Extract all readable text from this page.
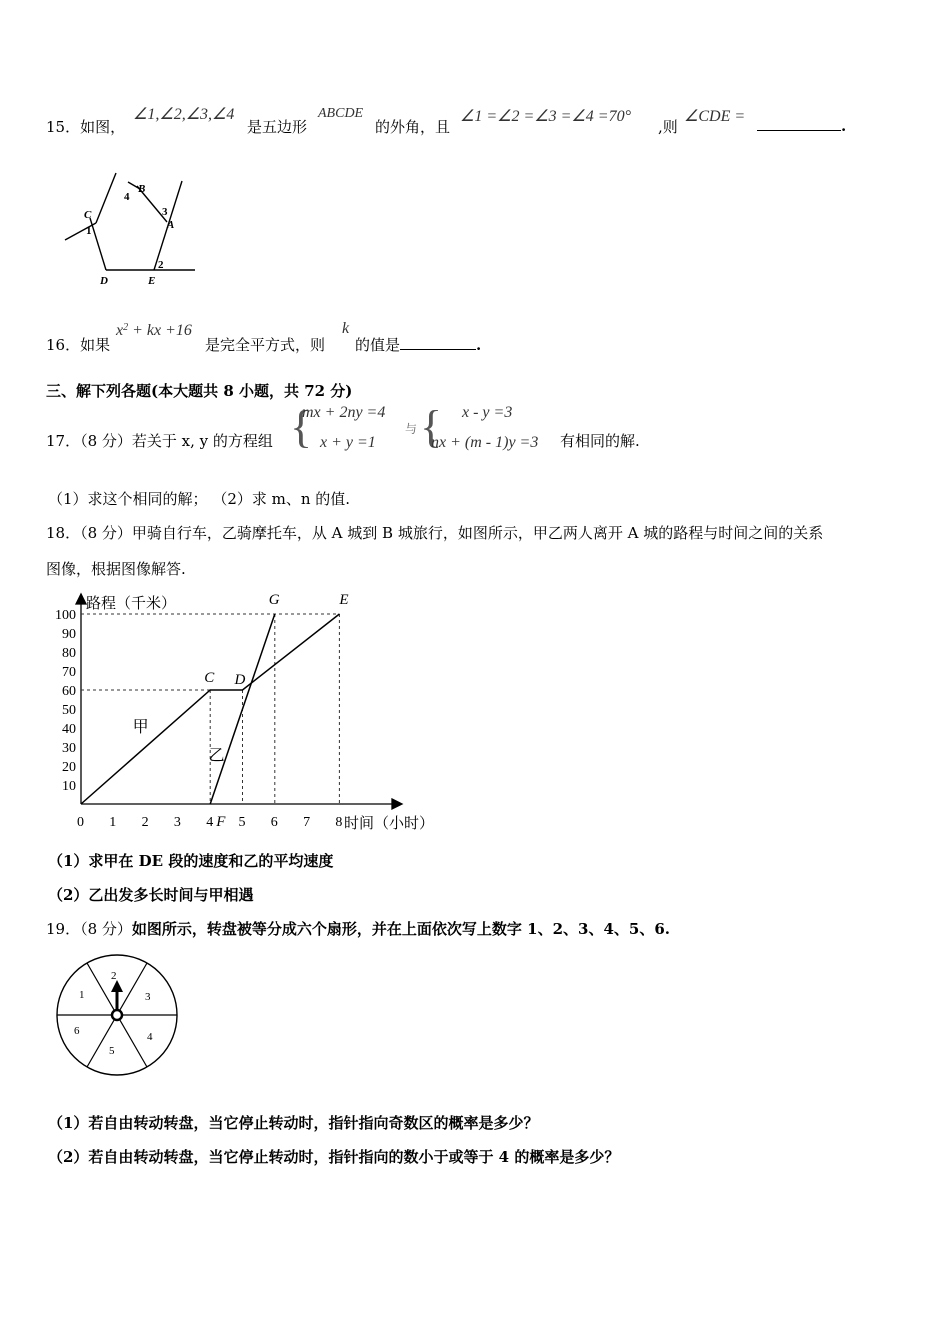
15．如图，
∠1,∠2,∠3,∠4
是五边形
ABCDE
的外角，且
∠1 =∠2 =∠3 =∠4 =70°
,则
∠CDE =
.
C
B
A
D	E
4
3
1
2
16．如果
$x^2$ + kx +16
是完全平方式，则
k
的值是	.
三、解下列各题(本大题共 8 小题，共 72 分)
17．（8 分）若关于 x, y 的方程组 {
mx + 2ny =4
x + y =1
与 { x - y =3
nx + (m - 1)y =3 有相同的解.
（1）求这个相同的解； （2）求 m、n 的值.
18．（8 分）甲骑自行车，乙骑摩托车，从 A 城到 B 城旅行，如图所示，甲乙两人离开 A 城的路程与时间之间的关系
图像，根据图像解答.
甲
乙
0 1 2 3 4 5 6 7 8
10
20
30
40
50
60
70
80
90
100
C D
G	E
F
路程（千米）
时间（小时）
（1）求甲在 DE 段的速度和乙的平均速度
（2）乙出发多长时间与甲相遇
19．（8 分）如图所示，转盘被等分成六个扇形，并在上面依次写上数字 1、2、3、4、5、6.
1
2
3
4
5
6
（1）若自由转动转盘，当它停止转动时，指针指向奇数区的概率是多少？
（2）若自由转动转盘，当它停止转动时，指针指向的数小于或等于 4 的概率是多少？
